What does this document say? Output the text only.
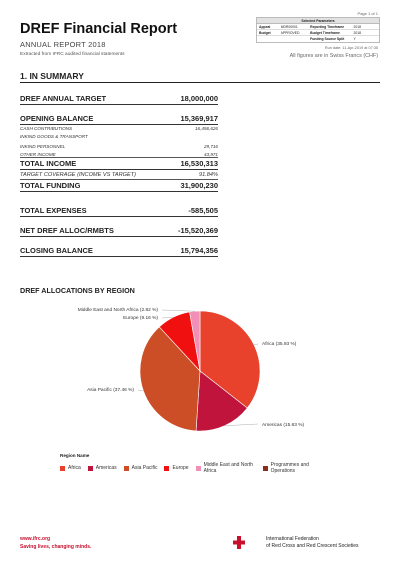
Page 1 of 1
DREF Financial Report
ANNUAL REPORT 2018
Extracted from IFRC audited financial statements
Selected Parameters
Appeal	MDR00001	Reporting Timeframe	2018
Budget	APPROVED	Budget Timeframe	2018
Funding Source Split	Y
Run date: 11-Apr-2019 at 07:35
All figures are in Swiss Francs (CHF)
1. IN SUMMARY
DREF ANNUAL TARGET	18,000,000
OPENING BALANCE	15,369,917
CASH CONTRIBUTIONS	16,456,626
INKIND GOODS & TRANSPORT
INKIND PERSONNEL	29,716
OTHER INCOME	43,971
TOTAL INCOME	16,530,313
TARGET COVERAGE (INCOME VS TARGET)	91.84%
TOTAL FUNDING	31,900,230
TOTAL EXPENSES	-585,505
NET DREF ALLOC/RMBTS	-15,520,369
CLOSING BALANCE	15,794,356
DREF ALLOCATIONS BY REGION
Africa (35.93 %)
Americas (15.63 %)
Asia Pacific (37.46 %)
Europe (9.16 %)
Middle East and North Africa (2.82 %)
Region Name
Africa	Americas	Asia Pacific	Europe	Middle East and North Africa
Programmes and Operations
www.ifrc.org
Saving lives, changing minds.
International Federation
of Red Cross and Red Crescent Societies
